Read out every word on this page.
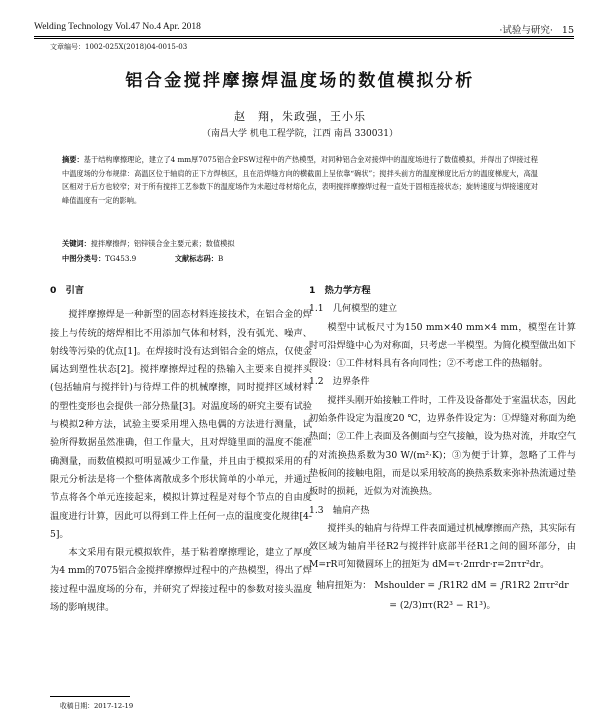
Welding Technology Vol.47 No.4 Apr. 2018	·试验与研究· 15
文章编号：1002-025X(2018)04-0015-03
铝合金搅拌摩擦焊温度场的数值模拟分析
赵　翔，朱政强，王小乐
（南昌大学 机电工程学院，江西 南昌 330031）
摘要：基于结构摩擦理论，建立了4 mm厚7075铝合金FSW过程中的产热模型，对同种铝合金对接焊中的温度场进行了数值模拟，并得出了焊接过程中温度场的分布规律：高温区位于轴肩的正下方焊核区，且在沿焊缝方向的横截面上呈依靠“碗状”；搅拌头前方的温度梯度比后方的温度梯度大，高温区相对于后方也较窄；对于所有搅拌工艺参数下的温度场作为未超过母材熔化点，表明搅拌摩擦焊过程一直处于固相连接状态；旋转速度与焊接速度对峰值温度有一定的影响。
关键词：搅拌摩擦焊；铝锌镁合金主要元素；数值模拟
中图分类号：TG453.9	文献标志码：B
0　引言

搅拌摩擦焊是一种新型的固态材料连接技术，在铝合金的焊接上与传统的熔焊相比不用添加气体和材料，没有弧光、噪声、射线等污染的优点[1]。在焊接时没有达到铝合金的熔点，仅使金属达到塑性状态[2]。搅拌摩擦焊过程的热输入主要来自搅拌头(包括轴肩与搅拌针)与待焊工件的机械摩擦，同时搅拌区域材料的塑性变形也会提供一部分热量[3]。对温度场的研究主要有试验与模拟2种方法，试验主要采用埋入热电偶的方法进行测量，试验所得数据虽然准确，但工作量大，且对焊缝里面的温度不能准确测量，而数值模拟可明显减少工作量，并且由于模拟采用的有限元分析法是将一个整体离散成多个形状简单的小单元，并通过节点将各个单元连接起来，模拟计算过程是对每个节点的自由度温度进行计算，因此可以得到工件上任何一点的温度变化规律[4-5]。

本文采用有限元模拟软件，基于粘着摩擦理论，建立了厚度为4 mm的7075铝合金搅拌摩擦焊过程中的产热模型，得出了焊接过程中温度场的分布，并研究了焊接过程中的参数对接头温度场的影响规律。

1　热力学方程
1.1　几何模型的建立

模型中试板尺寸为150 mm×40 mm×4 mm，模型在计算时可沿焊缝中心为对称面，只考虑一半模型。为简化模型做出如下假设：①工件材料具有各向同性；②不考虑工件的热辐射。

1.2　边界条件

搅拌头刚开始接触工件时，工件及设备都处于室温状态，因此初始条件设定为温度20 ℃，边界条件设定为：①焊缝对称面为绝热面；②工件上表面及各侧面与空气接触，设为热对流，并取空气的对流换热系数为30 W/(m²·K)；③为便于计算，忽略了工件与垫板间的接触电阻，而是以采用较高的换热系数来弥补热流通过垫板时的损耗，近似为对流换热。

1.3　轴肩产热

搅拌头的轴肩与待焊工件表面通过机械摩擦而产热，其实际有效区域为轴肩半径R2与搅拌针底部半径R1之间的圆环部分，由M=rR可知微圆环上的扭矩为 dM=τ·2πrdr·r=2πτr²dr。

轴肩扭矩为： Mshoulder = ∫R1R2 dM = ∫R1R2 2πτr²dr
= (2/3)πτ(R2³ − R1³)。
收稿日期：2017-12-19
